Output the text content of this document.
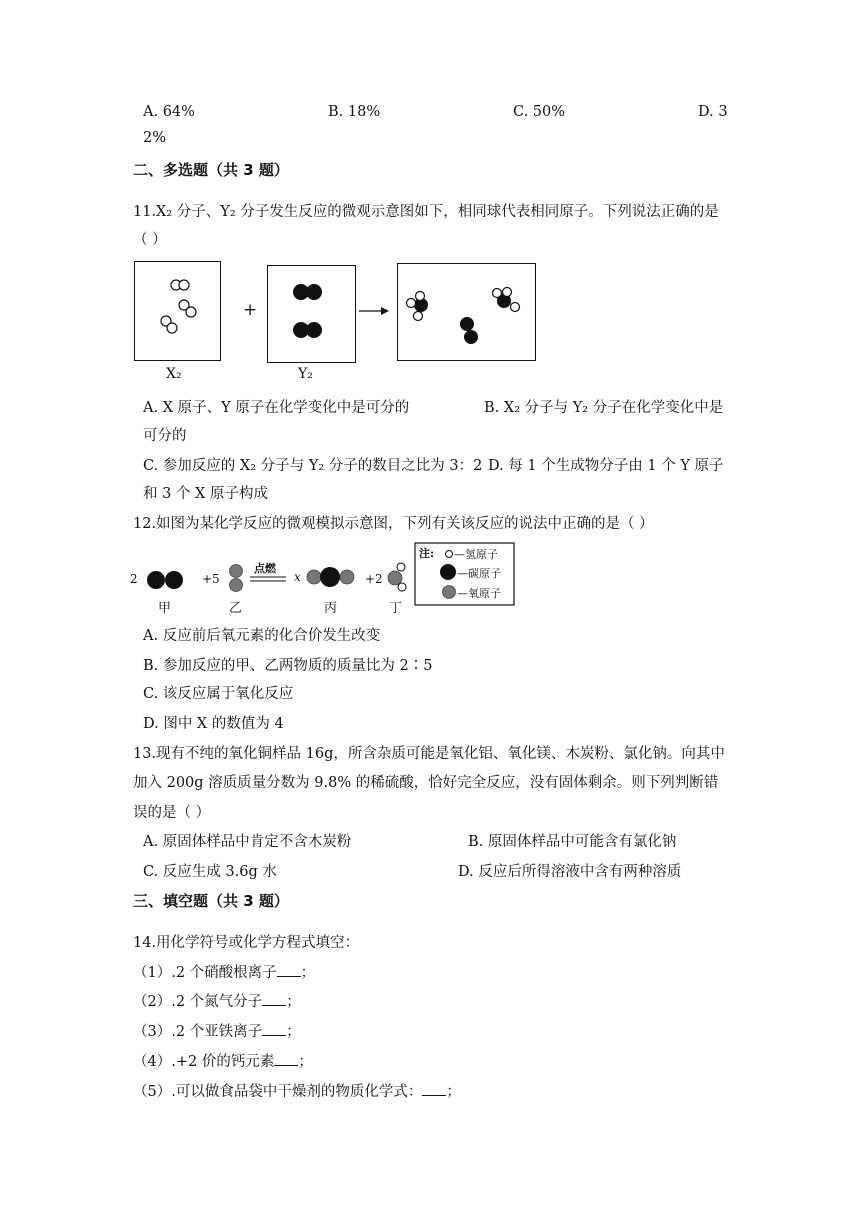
A. 64%	B. 18%	C. 50%	D. 3
2%
二、多选题（共 3 题）
11.X₂ 分子、Y₂ 分子发生反应的微观示意图如下，相同球代表相同原子。下列说法正确的是
（ ）
+
X₂	Y₂
A. X 原子、Y 原子在化学变化中是可分的	B. X₂ 分子与 Y₂ 分子在化学变化中是
可分的
C. 参加反应的 X₂ 分子与 Y₂ 分子的数目之比为 3：2 D. 每 1 个生成物分子由 1 个 Y 原子
和 3 个 X 原子构成
12.如图为某化学反应的微观模拟示意图，下列有关该反应的说法中正确的是（ ）
2	+5
点燃
x	+2
甲	乙	丙	丁
注: —氢原子
—碳原子
—氧原子
A. 反应前后氧元素的化合价发生改变
B. 参加反应的甲、乙两物质的质量比为 2∶5
C. 该反应属于氧化反应
D. 图中 X 的数值为 4
13.现有不纯的氧化铜样品 16g，所含杂质可能是氧化铝、氧化镁、木炭粉、氯化钠。向其中
加入 200g 溶质质量分数为 9.8% 的稀硫酸，恰好完全反应，没有固体剩余。则下列判断错
误的是（ ）
A. 原固体样品中肯定不含木炭粉	B. 原固体样品中可能含有氯化钠
C. 反应生成 3.6g 水	D. 反应后所得溶液中含有两种溶质
三、填空题（共 3 题）
14.用化学符号或化学方程式填空：
（1）.2 个硝酸根离子 ；
（2）.2 个氮气分子 ；
（3）.2 个亚铁离子 ；
（4）.+2 价的钙元素 ；
（5）.可以做食品袋中干燥剂的物质化学式： ；
